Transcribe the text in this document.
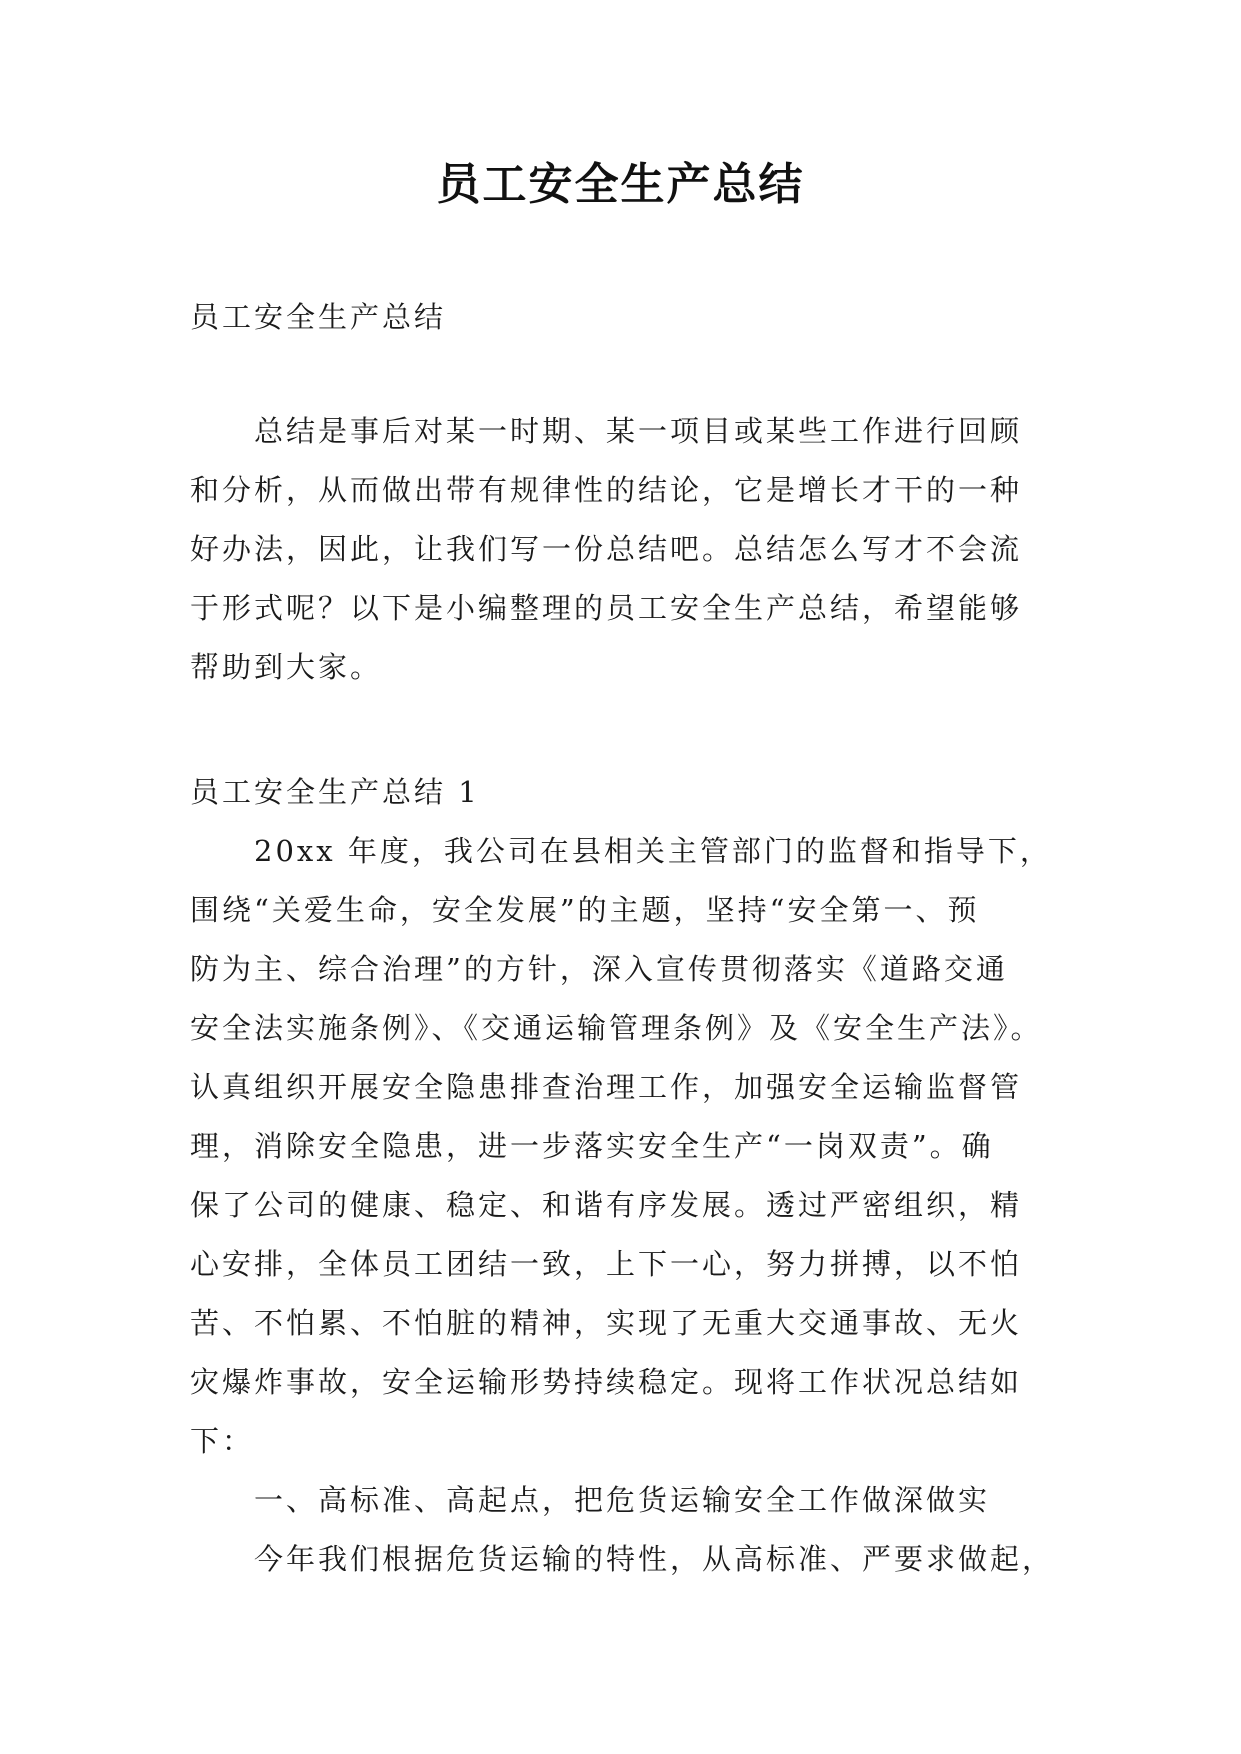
员工安全生产总结
员工安全生产总结
总结是事后对某一时期、某一项目或某些工作进行回顾
和分析，从而做出带有规律性的结论，它是增长才干的一种
好办法，因此，让我们写一份总结吧。总结怎么写才不会流
于形式呢？以下是小编整理的员工安全生产总结，希望能够
帮助到大家。
员工安全生产总结 1
20xx 年度，我公司在县相关主管部门的监督和指导下，
围绕“关爱生命，安全发展”的主题，坚持“安全第一、预
防为主、综合治理”的方针，深入宣传贯彻落实《道路交通
安全法实施条例》、《交通运输管理条例》及《安全生产法》。
认真组织开展安全隐患排查治理工作，加强安全运输监督管
理，消除安全隐患，进一步落实安全生产“一岗双责”。确
保了公司的健康、稳定、和谐有序发展。透过严密组织，精
心安排，全体员工团结一致，上下一心，努力拼搏，以不怕
苦、不怕累、不怕脏的精神，实现了无重大交通事故、无火
灾爆炸事故，安全运输形势持续稳定。现将工作状况总结如
下：
一、高标准、高起点，把危货运输安全工作做深做实
今年我们根据危货运输的特性，从高标准、严要求做起，
